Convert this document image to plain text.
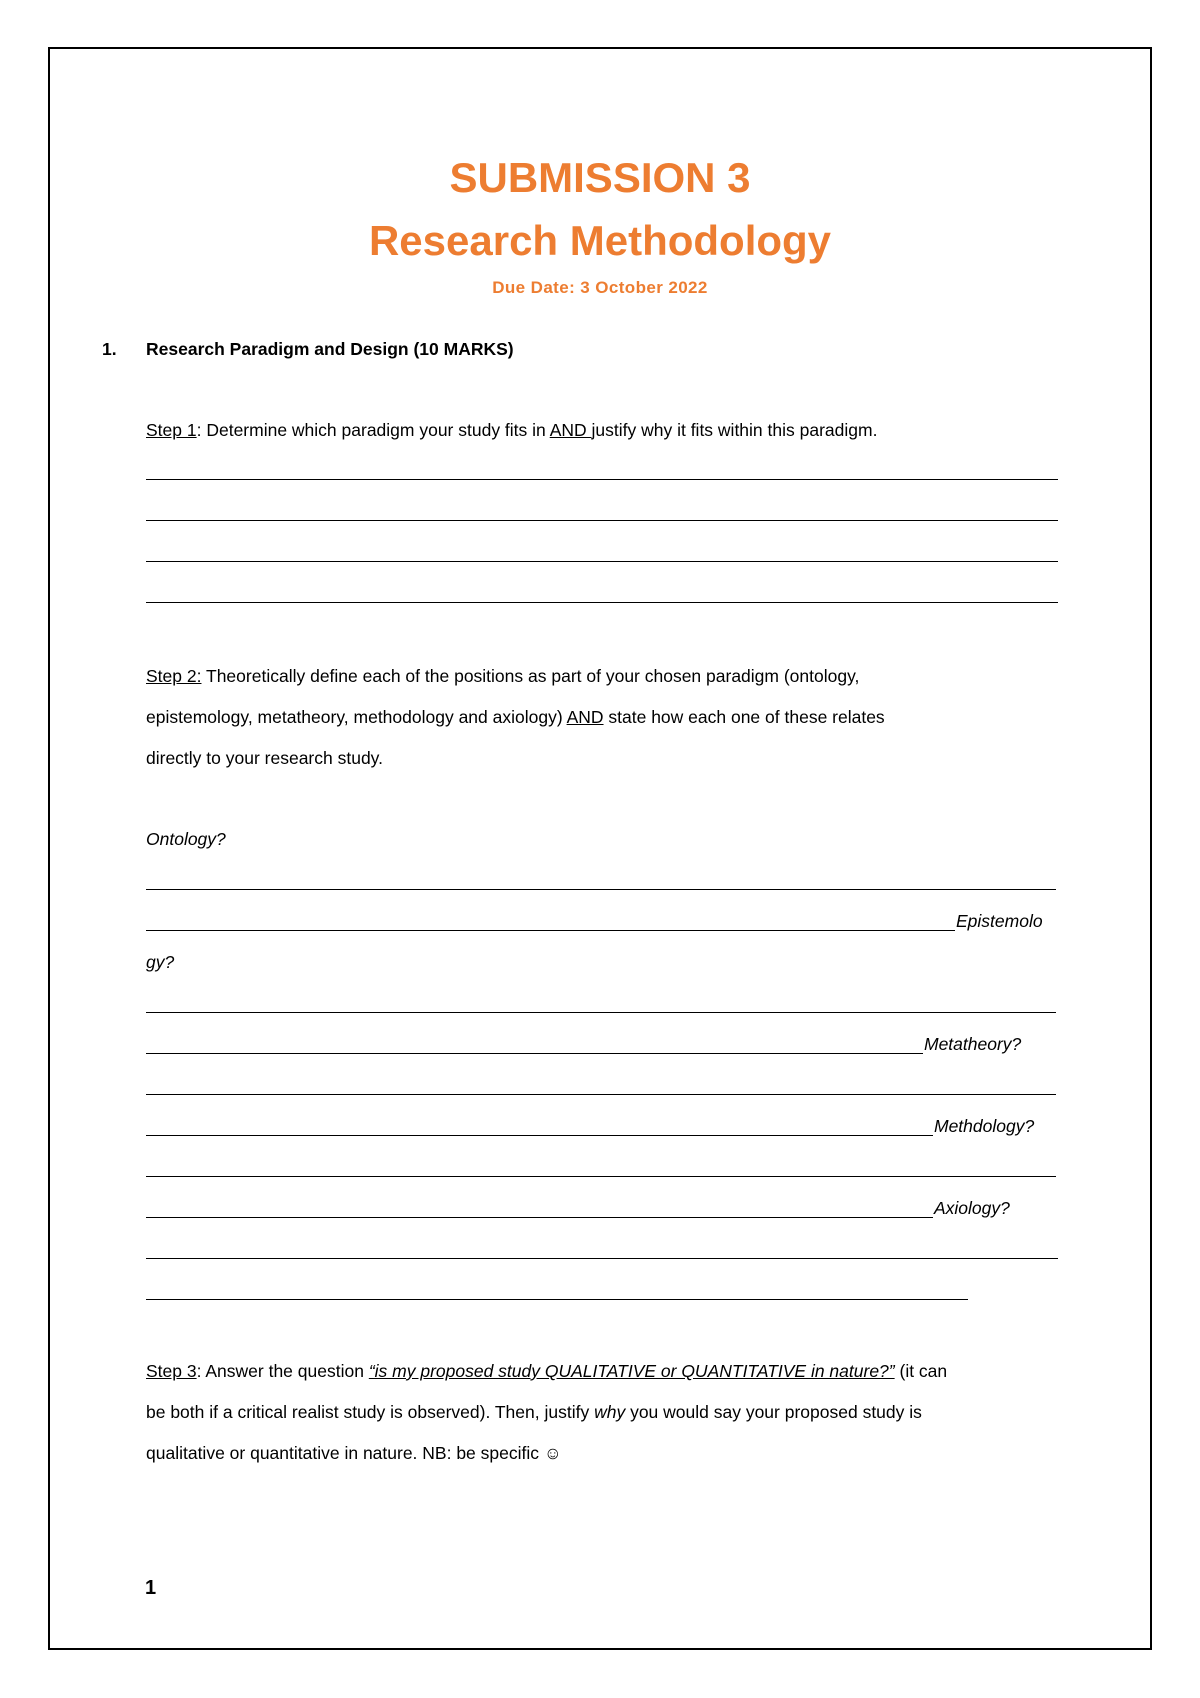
SUBMISSION 3
Research Methodology
Due Date: 3 October 2022
1. Research Paradigm and Design (10 MARKS)
Step 1: Determine which paradigm your study fits in AND justify why it fits within this paradigm.
Step 2: Theoretically define each of the positions as part of your chosen paradigm (ontology,
epistemology, metatheory, methodology and axiology) AND state how each one of these relates
directly to your research study.
Ontology?
Epistemolo
gy?
Metatheory?
Methdology?
Axiology?
Step 3: Answer the question “is my proposed study QUALITATIVE or QUANTITATIVE in nature?” (it can
be both if a critical realist study is observed). Then, justify why you would say your proposed study is
qualitative or quantitative in nature. NB: be specific ☺
1
